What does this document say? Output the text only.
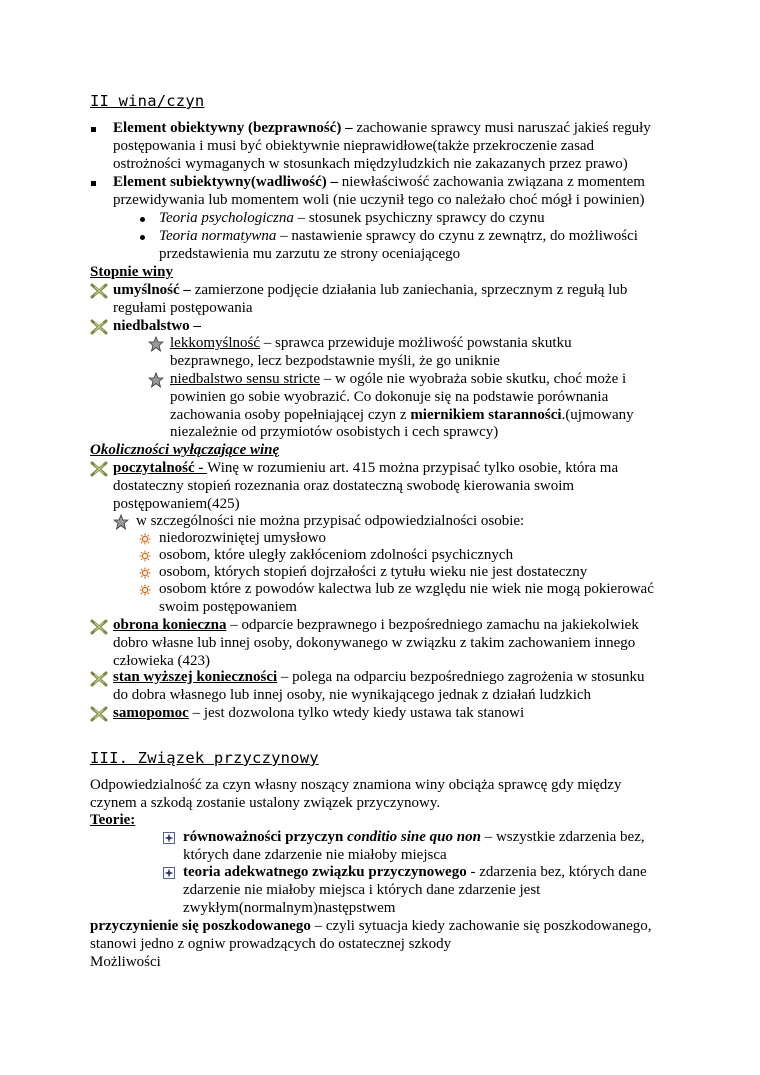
II wina/czyn
Element obiektywny (bezprawność) – zachowanie sprawcy musi naruszać jakieś reguły
postępowania i musi być obiektywnie nieprawidłowe(także przekroczenie zasad
ostrożności wymaganych w stosunkach międzyludzkich nie zakazanych przez prawo)
Element subiektywny(wadliwość) – niewłaściwość zachowania związana z momentem
przewidywania lub momentem woli (nie uczynił tego co należało choć mógł i powinien)
Teoria psychologiczna – stosunek psychiczny sprawcy do czynu
Teoria normatywna – nastawienie sprawcy do czynu z zewnątrz, do możliwości
przedstawienia mu zarzutu ze strony oceniającego
Stopnie winy
umyślność – zamierzone podjęcie działania lub zaniechania, sprzecznym z regułą lub
regułami postępowania
niedbalstwo –
lekkomyślność – sprawca przewiduje możliwość powstania skutku
bezprawnego, lecz bezpodstawnie myśli, że go uniknie
niedbalstwo sensu stricte – w ogóle nie wyobraża sobie skutku, choć może i
powinien go sobie wyobrazić. Co dokonuje się na podstawie porównania
zachowania osoby popełniającej czyn z miernikiem staranności.(ujmowany
niezależnie od przymiotów osobistych i cech sprawcy)
Okoliczności wyłączające winę
poczytalność - Winę w rozumieniu art. 415 można przypisać tylko osobie, która ma
dostateczny stopień rozeznania oraz dostateczną swobodę kierowania swoim
postępowaniem(425)
w szczególności nie można przypisać odpowiedzialności osobie:
niedorozwiniętej umysłowo
osobom, które uległy zakłóceniom zdolności psychicznych
osobom, których stopień dojrzałości z tytułu wieku nie jest dostateczny
osobom które z powodów kalectwa lub ze względu nie wiek nie mogą pokierować
swoim postępowaniem
obrona konieczna – odparcie bezprawnego i bezpośredniego zamachu na jakiekolwiek
dobro własne lub innej osoby, dokonywanego w związku z takim zachowaniem innego
człowieka (423)
stan wyższej konieczności – polega na odparciu bezpośredniego zagrożenia w stosunku
do dobra własnego lub innej osoby, nie wynikającego jednak z działań ludzkich
samopomoc – jest dozwolona tylko wtedy kiedy ustawa tak stanowi
III. Związek przyczynowy
Odpowiedzialność za czyn własny noszący znamiona winy obciąża sprawcę gdy między
czynem a szkodą zostanie ustalony związek przyczynowy.
Teorie:
równoważności przyczyn conditio sine quo non – wszystkie zdarzenia bez,
których dane zdarzenie nie miałoby miejsca
teoria adekwatnego związku przyczynowego - zdarzenia bez, których dane
zdarzenie nie miałoby miejsca i których dane zdarzenie jest
zwykłym(normalnym)następstwem
przyczynienie się poszkodowanego – czyli sytuacja kiedy zachowanie się poszkodowanego,
stanowi jedno z ogniw prowadzących do ostatecznej szkody
Możliwości
